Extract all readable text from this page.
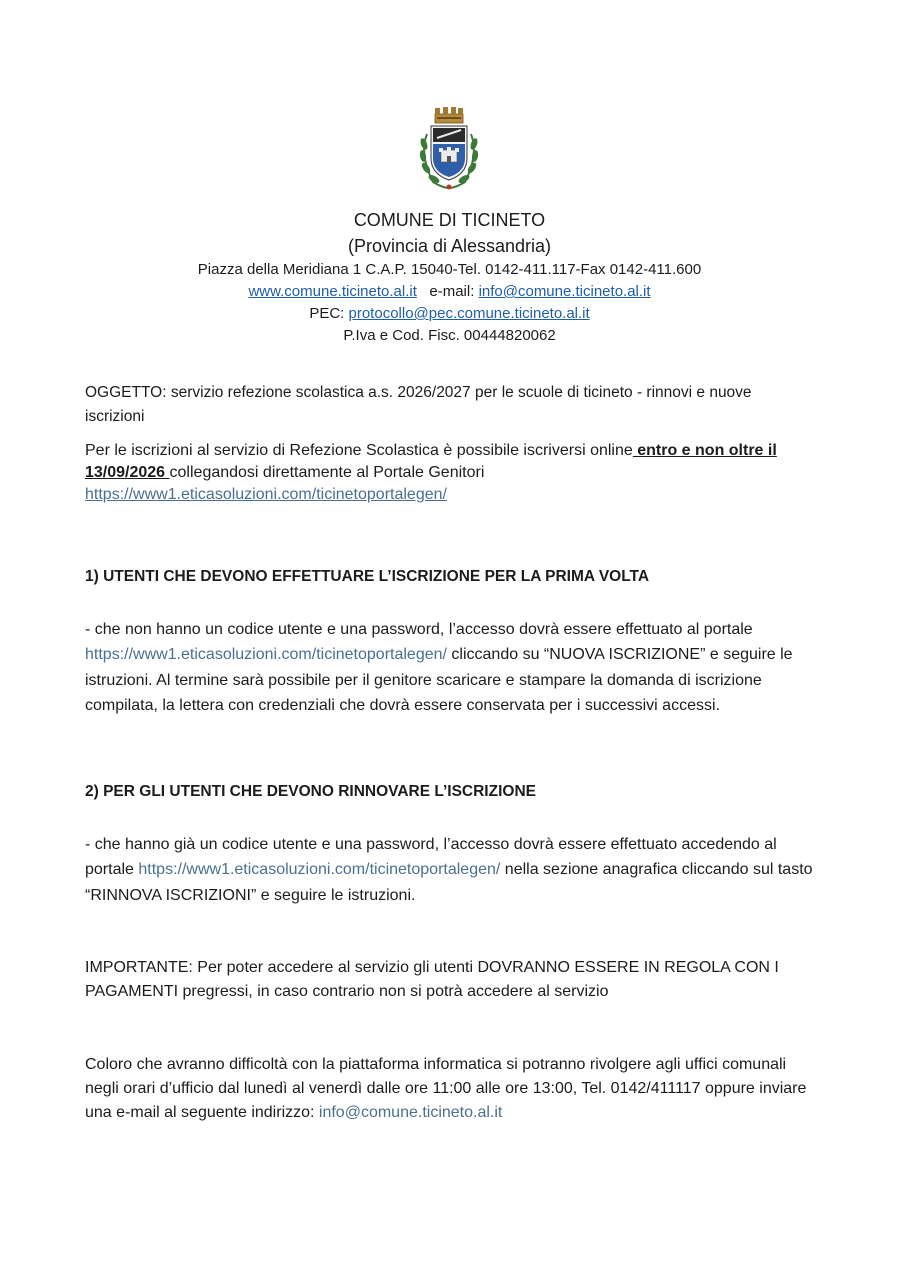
COMUNE DI TICINETO
(Provincia di Alessandria)
Piazza della Meridiana 1 C.A.P. 15040-Tel. 0142-411.117-Fax 0142-411.600
www.comune.ticineto.al.it e-mail: info@comune.ticineto.al.it
PEC: protocollo@pec.comune.ticineto.al.it
P.Iva e Cod. Fisc. 00444820062
OGGETTO: servizio refezione scolastica a.s. 2026/2027 per le scuole di ticineto - rinnovi e nuove iscrizioni
Per le iscrizioni al servizio di Refezione Scolastica è possibile iscriversi online entro e non oltre il 13/09/2026 collegandosi direttamente al Portale Genitori
https://www1.eticasoluzioni.com/ticinetoportalegen/
1) UTENTI CHE DEVONO EFFETTUARE L’ISCRIZIONE PER LA PRIMA VOLTA
- che non hanno un codice utente e una password, l’accesso dovrà essere effettuato al portale https://www1.eticasoluzioni.com/ticinetoportalegen/ cliccando su “NUOVA ISCRIZIONE” e seguire le istruzioni. Al termine sarà possibile per il genitore scaricare e stampare la domanda di iscrizione compilata, la lettera con credenziali che dovrà essere conservata per i successivi accessi.
2) PER GLI UTENTI CHE DEVONO RINNOVARE L’ISCRIZIONE
- che hanno già un codice utente e una password, l’accesso dovrà essere effettuato accedendo al portale https://www1.eticasoluzioni.com/ticinetoportalegen/ nella sezione anagrafica cliccando sul tasto “RINNOVA ISCRIZIONI” e seguire le istruzioni.
IMPORTANTE: Per poter accedere al servizio gli utenti DOVRANNO ESSERE IN REGOLA CON I PAGAMENTI pregressi, in caso contrario non si potrà accedere al servizio
Coloro che avranno difficoltà con la piattaforma informatica si potranno rivolgere agli uffici comunali negli orari d’ufficio dal lunedì al venerdì dalle ore 11:00 alle ore 13:00, Tel. 0142/411117 oppure inviare una e-mail al seguente indirizzo: info@comune.ticineto.al.it
